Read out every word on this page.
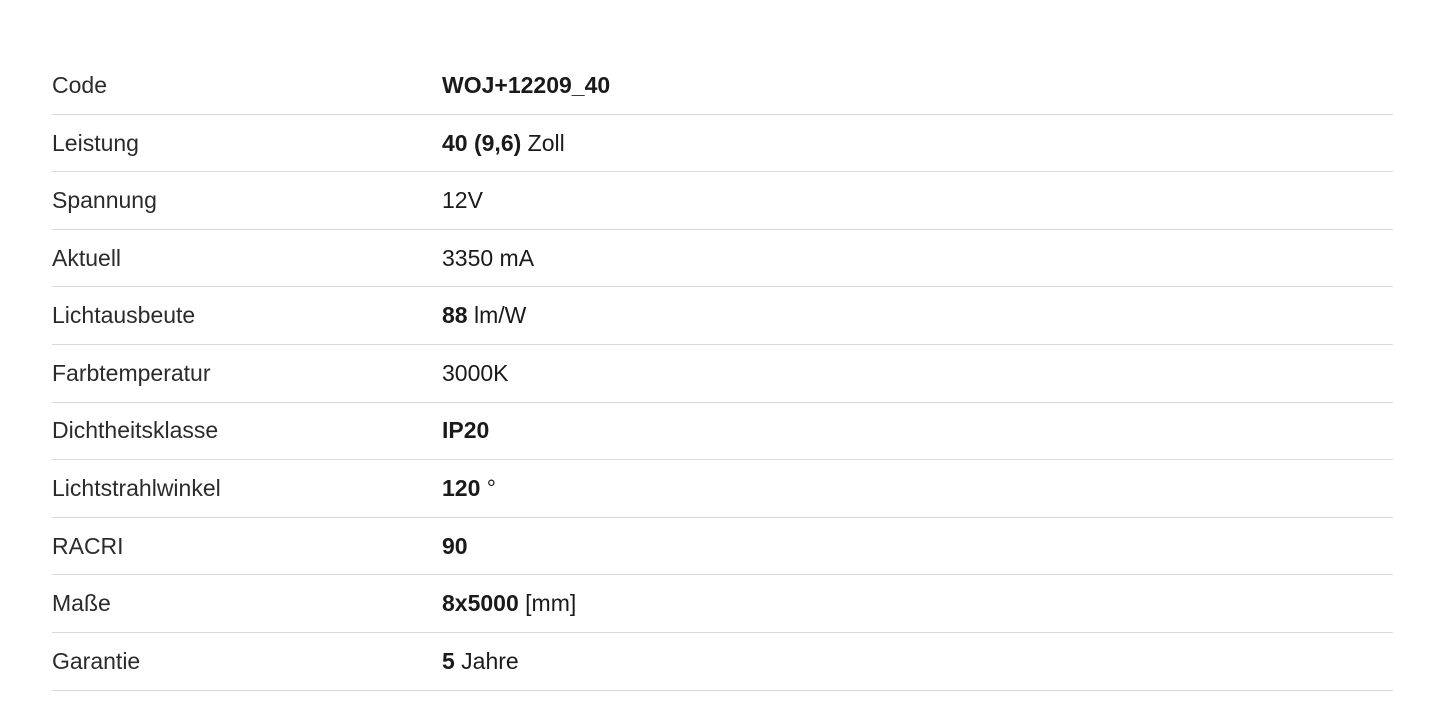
Code	WOJ+12209_40
Leistung	40 (9,6) Zoll
Spannung	12V
Aktuell	3350 mA
Lichtausbeute	88 lm/W
Farbtemperatur	3000K
Dichtheitsklasse	IP20
Lichtstrahlwinkel	120 °
RACRI	90
Maße	8x5000 [mm]
Garantie	5 Jahre
